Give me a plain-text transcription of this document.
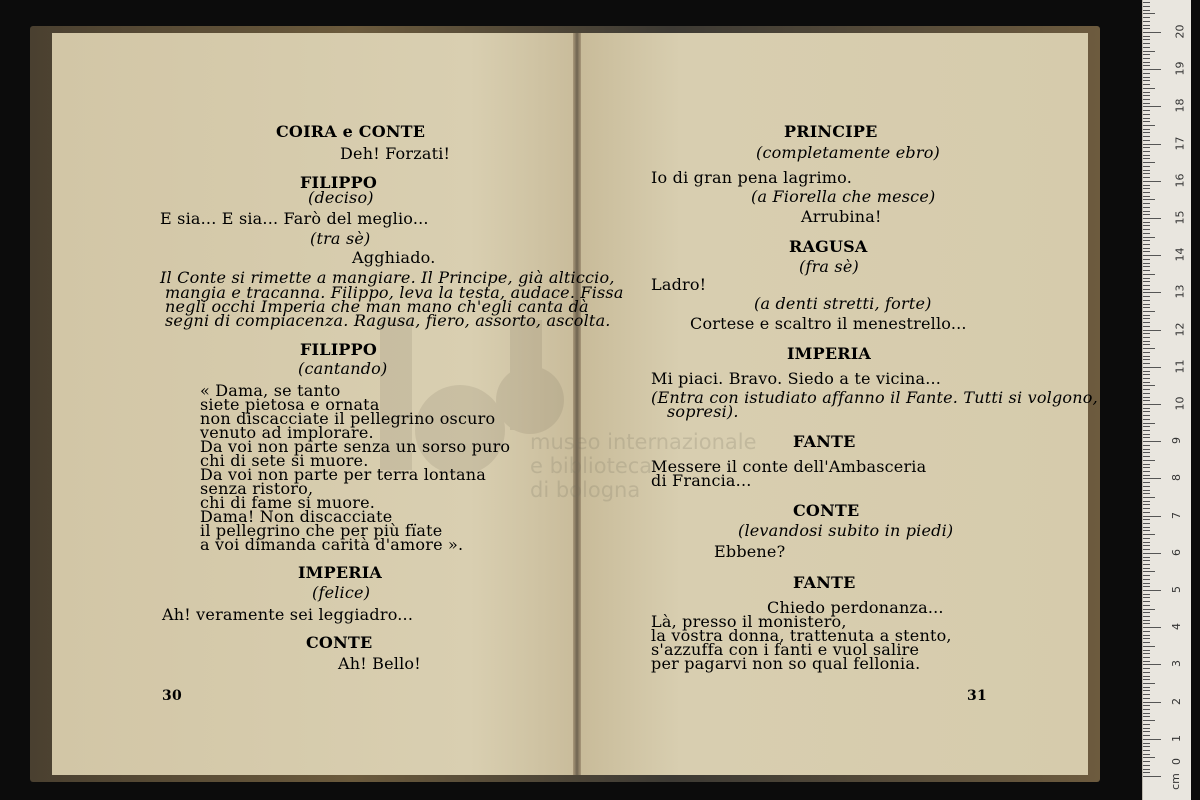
COIRA e CONTE
Deh! Forzati!
FILIPPO
(deciso)
E sia... E sia... Farò del meglio...
(tra sè)
Agghiado.
Il Conte si rimette a mangiare. Il Principe, già alticcio,
mangia e tracanna. Filippo, leva la testa, audace. Fissa
negli occhi Imperia che man mano ch'egli canta dà
segni di compiacenza. Ragusa, fiero, assorto, ascolta.
FILIPPO
(cantando)
« Dama, se tanto
siete pietosa e ornata
non discacciate il pellegrino oscuro
venuto ad implorare.
Da voi non parte senza un sorso puro
chi di sete si muore.
Da voi non parte per terra lontana
senza ristoro,
chi di fame si muore.
Dama! Non discacciate
il pellegrino che per più fïate
a voi dimanda carità d'amore ».
IMPERIA
(felice)
Ah! veramente sei leggiadro...
CONTE
Ah! Bello!
30
PRINCIPE
(completamente ebro)
Io di gran pena lagrimo.
(a Fiorella che mesce)
Arrubina!
RAGUSA
(fra sè)
Ladro!
(a denti stretti, forte)
Cortese e scaltro il menestrello...
IMPERIA
Mi piaci. Bravo. Siedo a te vicina...
(Entra con istudiato affanno il Fante. Tutti si volgono,
sopresi).
FANTE
Messere il conte dell'Ambasceria
di Francia...
CONTE
(levandosi subito in piedi)
Ebbene?
FANTE
Chiedo perdonanza...
Là, presso il monistero,
la vostra donna, trattenuta a stento,
s'azzuffa con i fanti e vuol salire
per pagarvi non so qual fellonia.
31
museo internazionale
e biblioteca
di bologna
cm
1
2
3
4
5
6
7
8
9
10
11
12
13
14
15
16
17
18
19
20
0
